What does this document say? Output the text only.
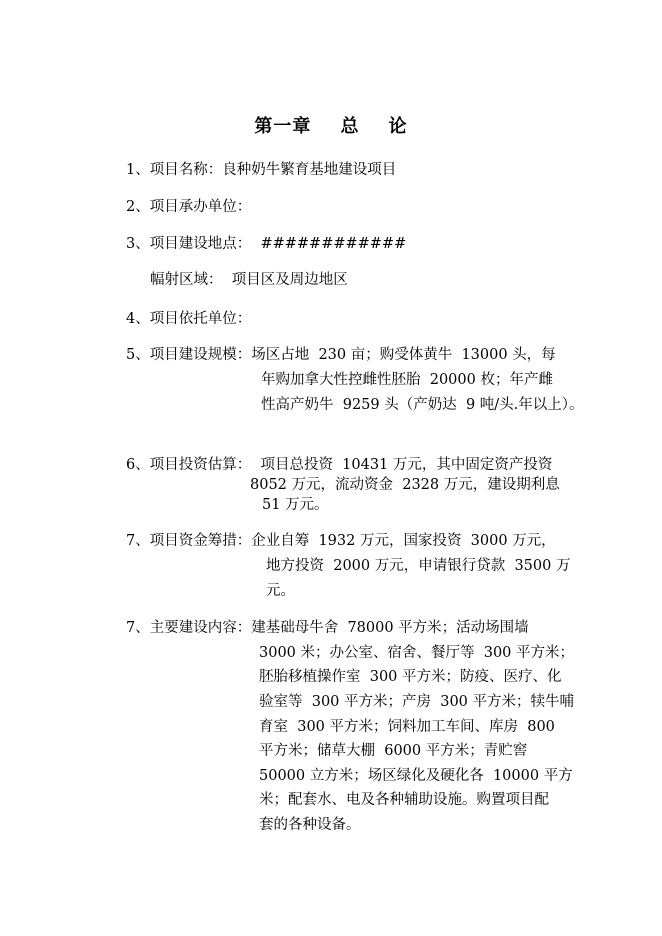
第一章    总    论
1、项目名称：良种奶牛繁育基地建设项目
2、项目承办单位：
3、项目建设地点：  ############
幅射区域：  项目区及周边地区
4、项目依托单位：
5、项目建设规模：场区占地  230 亩；购受体黄牛  13000 头，每
年购加拿大性控雌性胚胎  20000 枚；年产雌
性高产奶牛  9259 头（产奶达  9 吨/头.年以上）。
6、项目投资估算：  项目总投资  10431 万元，其中固定资产投资
8052 万元，流动资金  2328 万元，建设期利息
51 万元。
7、项目资金筹措：企业自筹  1932 万元，国家投资  3000 万元，
地方投资  2000 万元，申请银行贷款  3500 万
元。
7、主要建设内容：建基础母牛舍  78000 平方米；活动场围墙
3000 米；办公室、宿舍、餐厅等  300 平方米；
胚胎移植操作室  300 平方米；防疫、医疗、化
验室等  300 平方米；产房  300 平方米；犊牛哺
育室  300 平方米；饲料加工车间、库房  800
平方米；储草大棚  6000 平方米；青贮窖
50000 立方米；场区绿化及硬化各  10000 平方
米；配套水、电及各种辅助设施。购置项目配
套的各种设备。
